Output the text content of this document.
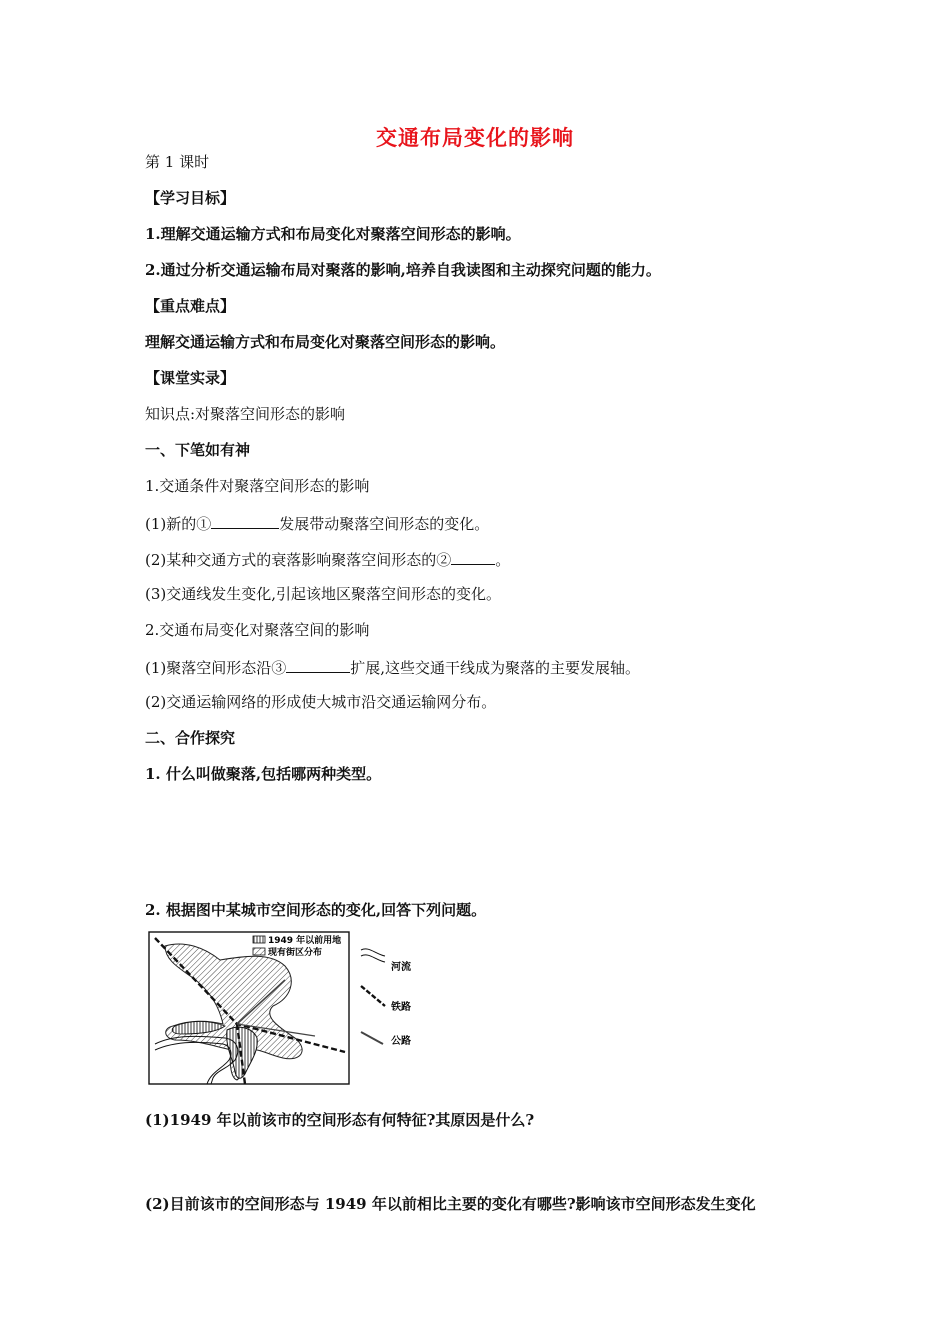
交通布局变化的影响
第 1 课时
【学习目标】
1.理解交通运输方式和布局变化对聚落空间形态的影响。
2.通过分析交通运输布局对聚落的影响,培养自我读图和主动探究问题的能力。
【重点难点】
理解交通运输方式和布局变化对聚落空间形态的影响。
【课堂实录】
知识点:对聚落空间形态的影响
一、下笔如有神
1.交通条件对聚落空间形态的影响
(1)新的①	发展带动聚落空间形态的变化。
(2)某种交通方式的衰落影响聚落空间形态的②	。
(3)交通线发生变化,引起该地区聚落空间形态的变化。
2.交通布局变化对聚落空间的影响
(1)聚落空间形态沿③	扩展,这些交通干线成为聚落的主要发展轴。
(2)交通运输网络的形成使大城市沿交通运输网分布。
二、合作探究
1. 什么叫做聚落,包括哪两种类型。
2. 根据图中某城市空间形态的变化,回答下列问题。
1949 年以前用地
现有街区分布
河流
铁路
公路
(1)1949 年以前该市的空间形态有何特征?其原因是什么?
(2)目前该市的空间形态与 1949 年以前相比主要的变化有哪些?影响该市空间形态发生变化
